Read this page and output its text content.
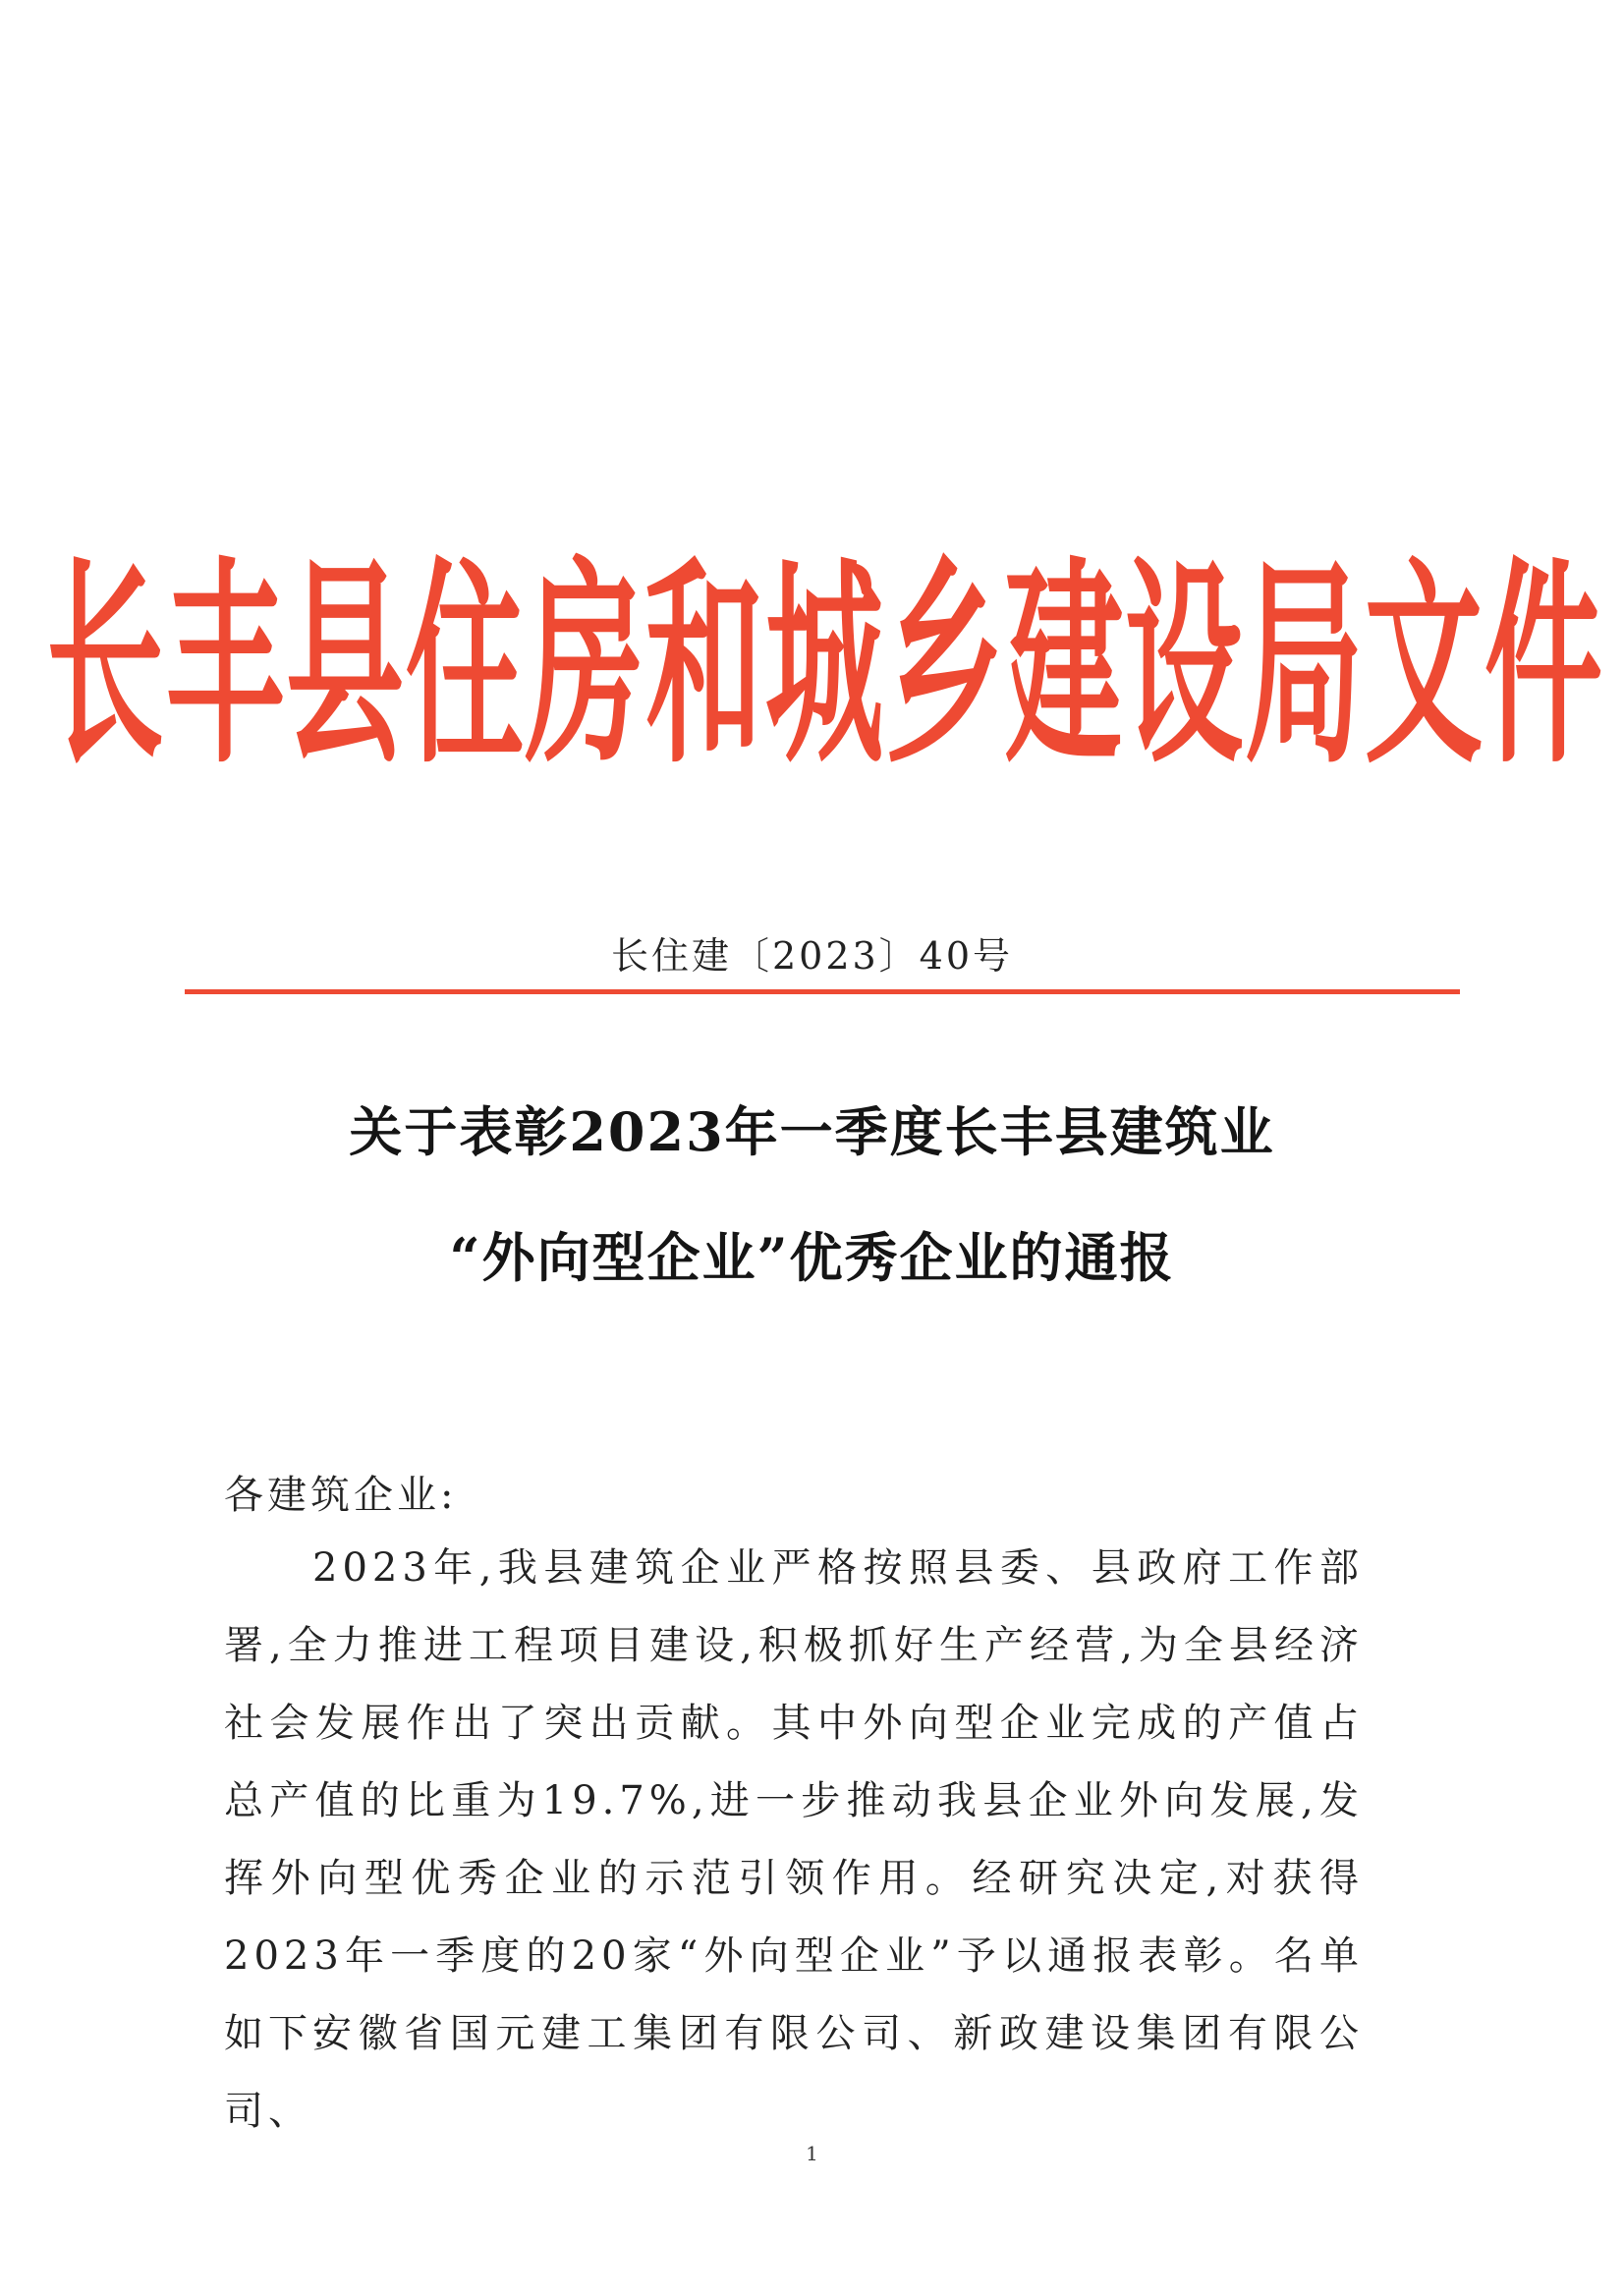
长丰县住房和城乡建设局文件
长住建〔2023〕40号
关于表彰2023年一季度长丰县建筑业
“外向型企业”优秀企业的通报
各建筑企业:

2023年,我县建筑企业严格按照县委、县政府工作部署,全力推进工程项目建设,积极抓好生产经营,为全县经济社会发展作出了突出贡献。其中外向型企业完成的产值占总产值的比重为19.7%,进一步推动我县企业外向发展,发挥外向型优秀企业的示范引领作用。经研究决定,对获得2023年一季度的20家“外向型企业”予以通报表彰。名单如下:

安徽省国元建工集团有限公司、新政建设集团有限公司、

1
